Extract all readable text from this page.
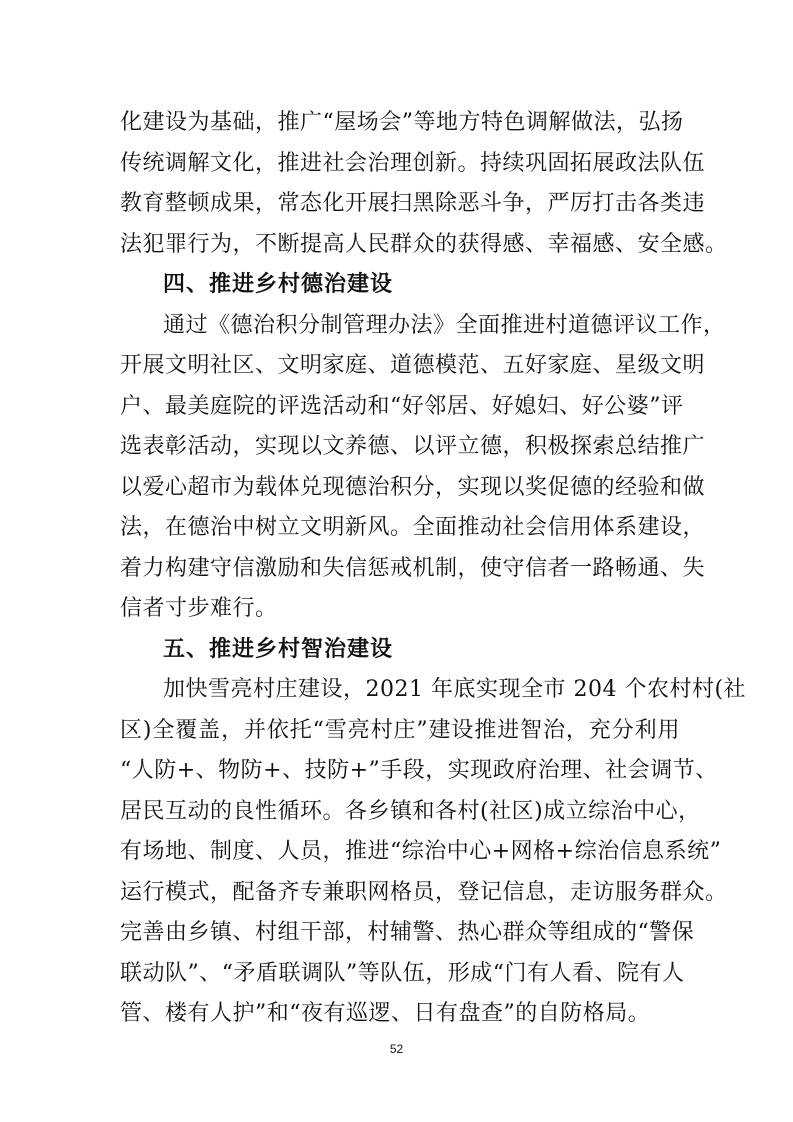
化建设为基础，推广“屋场会”等地方特色调解做法，弘扬
传统调解文化，推进社会治理创新。持续巩固拓展政法队伍
教育整顿成果，常态化开展扫黑除恶斗争，严厉打击各类违
法犯罪行为，不断提高人民群众的获得感、幸福感、安全感。
四、推进乡村德治建设
通过《德治积分制管理办法》全面推进村道德评议工作，
开展文明社区、文明家庭、道德模范、五好家庭、星级文明
户、最美庭院的评选活动和“好邻居、好媳妇、好公婆”评
选表彰活动，实现以文养德、以评立德，积极探索总结推广
以爱心超市为载体兑现德治积分，实现以奖促德的经验和做
法，在德治中树立文明新风。全面推动社会信用体系建设，
着力构建守信激励和失信惩戒机制，使守信者一路畅通、失
信者寸步难行。
五、推进乡村智治建设
加快雪亮村庄建设，2021 年底实现全市 204 个农村村(社
区)全覆盖，并依托“雪亮村庄”建设推进智治，充分利用
“人防+、物防+、技防+”手段，实现政府治理、社会调节、
居民互动的良性循环。各乡镇和各村(社区)成立综治中心，
有场地、制度、人员，推进“综治中心+网格+综治信息系统”
运行模式，配备齐专兼职网格员，登记信息，走访服务群众。
完善由乡镇、村组干部，村辅警、热心群众等组成的“警保
联动队”、“矛盾联调队”等队伍，形成“门有人看、院有人
管、楼有人护”和“夜有巡逻、日有盘查”的自防格局。
52
